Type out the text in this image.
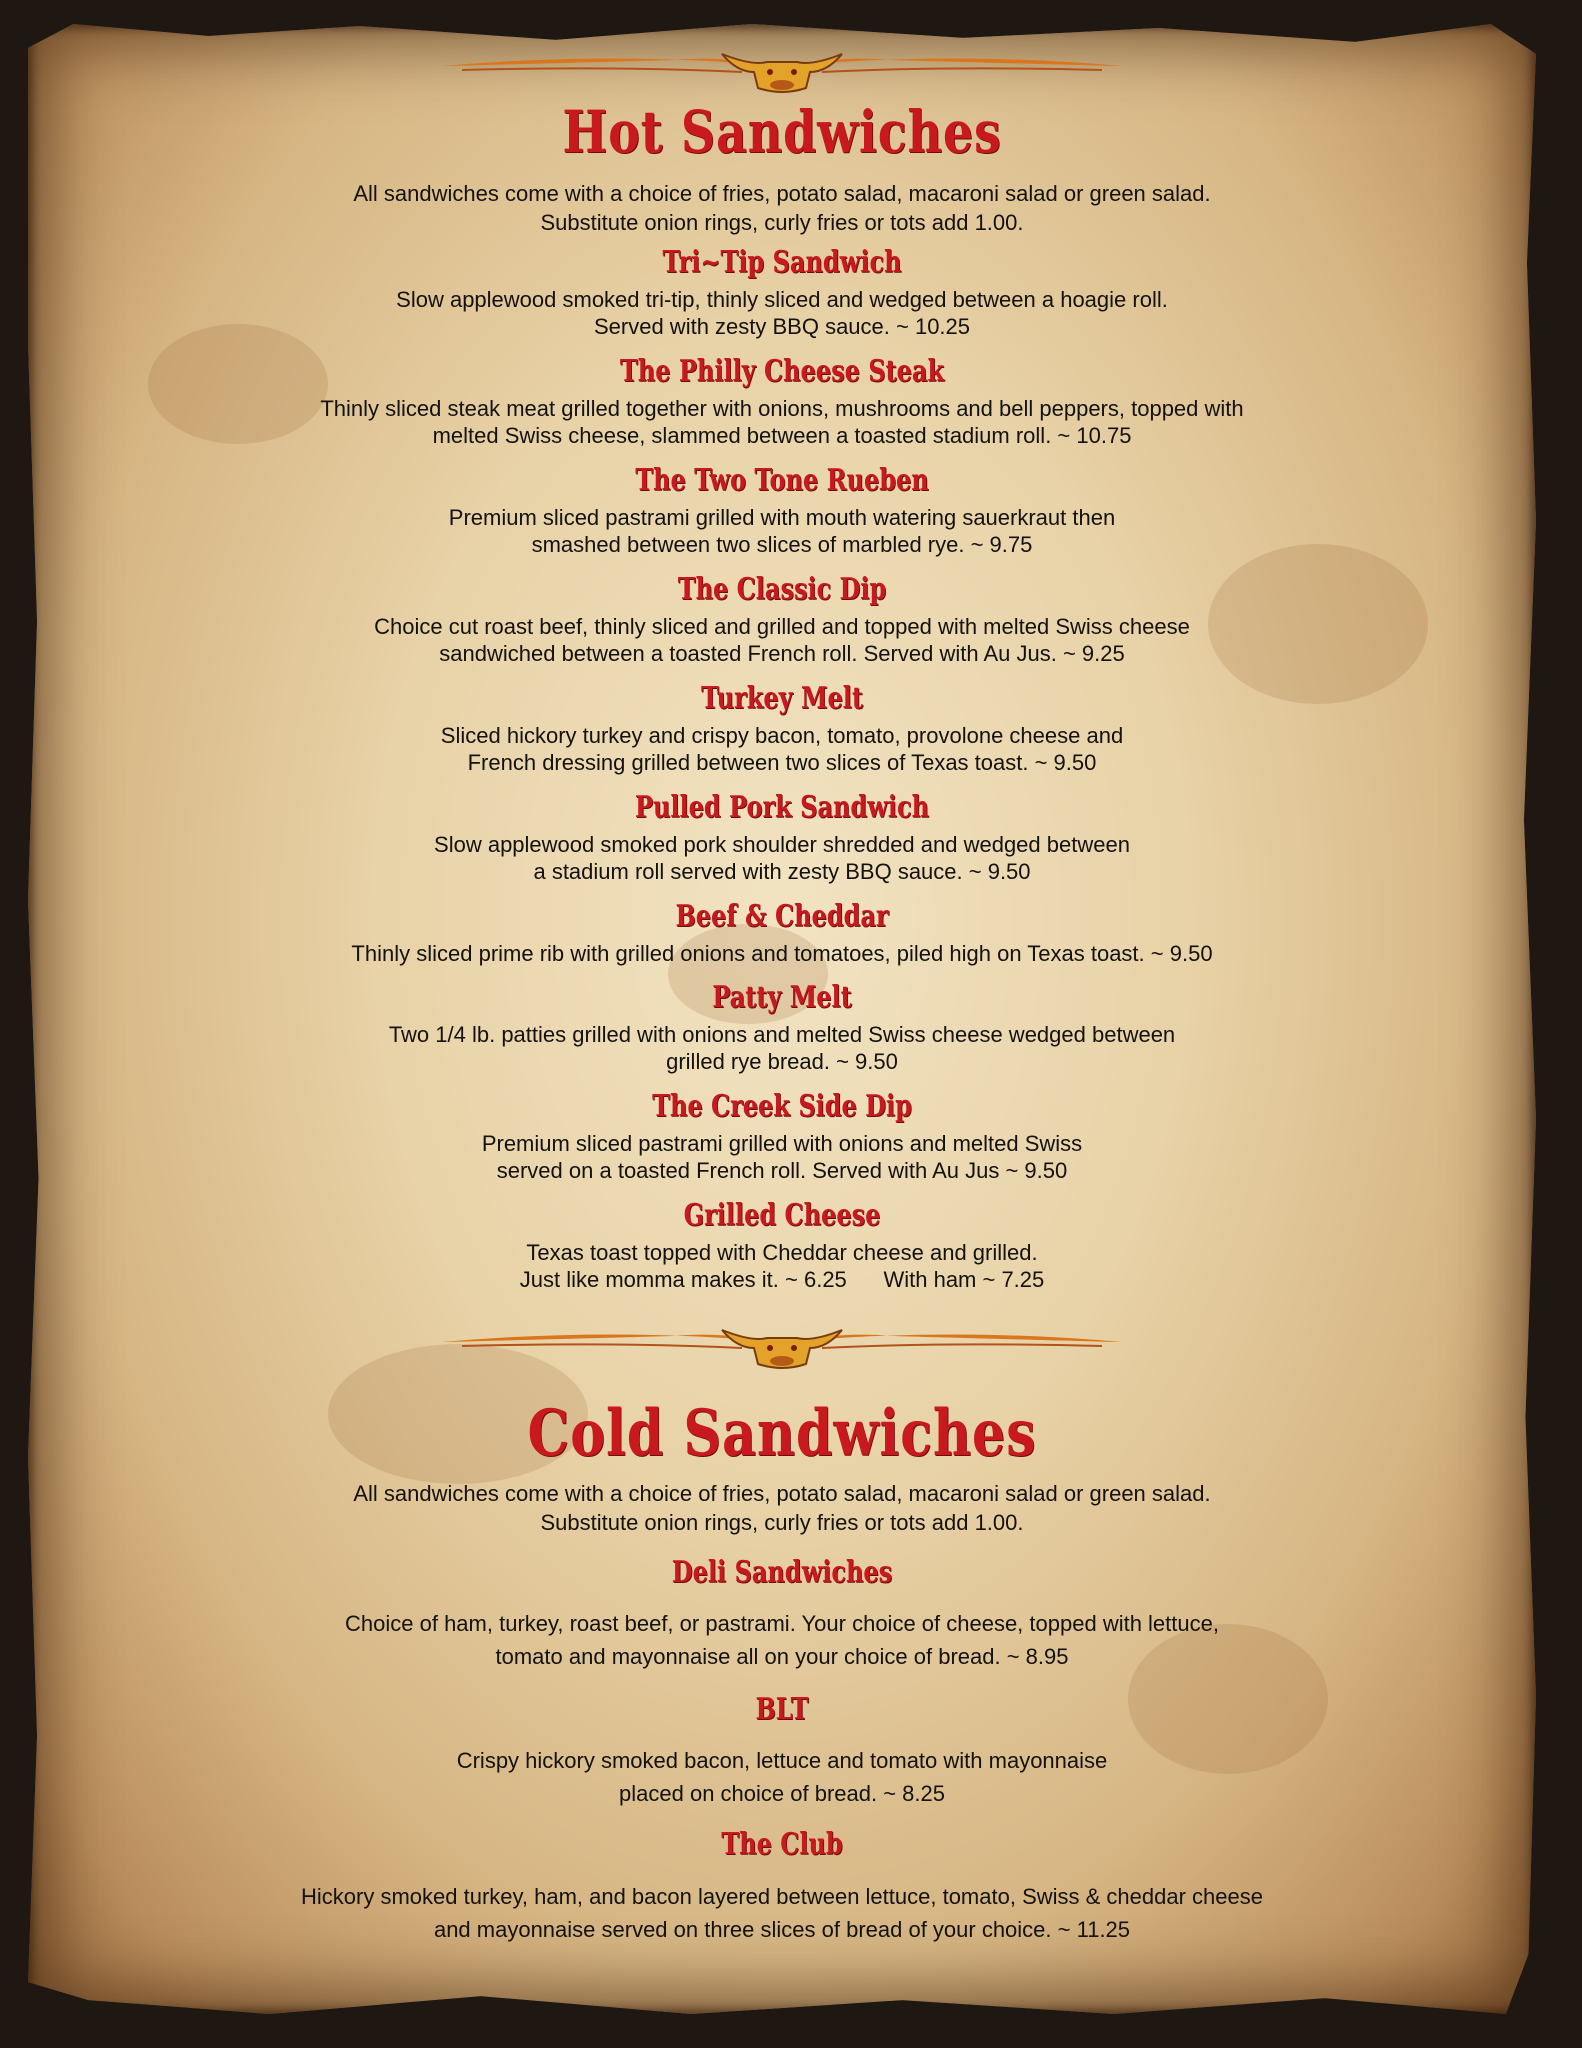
Hot Sandwiches

All sandwiches come with a choice of fries, potato salad, macaroni salad or green salad.
Substitute onion rings, curly fries or tots add 1.00.

Tri~Tip Sandwich

Slow applewood smoked tri-tip, thinly sliced and wedged between a hoagie roll.
Served with zesty BBQ sauce. ~ 10.25

The Philly Cheese Steak

Thinly sliced steak meat grilled together with onions, mushrooms and bell peppers, topped with
melted Swiss cheese, slammed between a toasted stadium roll. ~ 10.75

The Two Tone Rueben

Premium sliced pastrami grilled with mouth watering sauerkraut then
smashed between two slices of marbled rye. ~ 9.75

The Classic Dip

Choice cut roast beef, thinly sliced and grilled and topped with melted Swiss cheese
sandwiched between a toasted French roll. Served with Au Jus. ~ 9.25

Turkey Melt

Sliced hickory turkey and crispy bacon, tomato, provolone cheese and
French dressing grilled between two slices of Texas toast. ~ 9.50

Pulled Pork Sandwich

Slow applewood smoked pork shoulder shredded and wedged between
a stadium roll served with zesty BBQ sauce. ~ 9.50

Beef & Cheddar

Thinly sliced prime rib with grilled onions and tomatoes, piled high on Texas toast. ~ 9.50

Patty Melt

Two 1/4 lb. patties grilled with onions and melted Swiss cheese wedged between
grilled rye bread. ~ 9.50

The Creek Side Dip

Premium sliced pastrami grilled with onions and melted Swiss
served on a toasted French roll. Served with Au Jus ~ 9.50

Grilled Cheese

Texas toast topped with Cheddar cheese and grilled.
Just like momma makes it. ~ 6.25      With ham ~ 7.25

Cold Sandwiches

All sandwiches come with a choice of fries, potato salad, macaroni salad or green salad.
Substitute onion rings, curly fries or tots add 1.00.

Deli Sandwiches

Choice of ham, turkey, roast beef, or pastrami. Your choice of cheese, topped with lettuce,
tomato and mayonnaise all on your choice of bread. ~ 8.95

BLT

Crispy hickory smoked bacon, lettuce and tomato with mayonnaise
placed on choice of bread. ~ 8.25

The Club

Hickory smoked turkey, ham, and bacon layered between lettuce, tomato, Swiss & cheddar cheese
and mayonnaise served on three slices of bread of your choice. ~ 11.25
